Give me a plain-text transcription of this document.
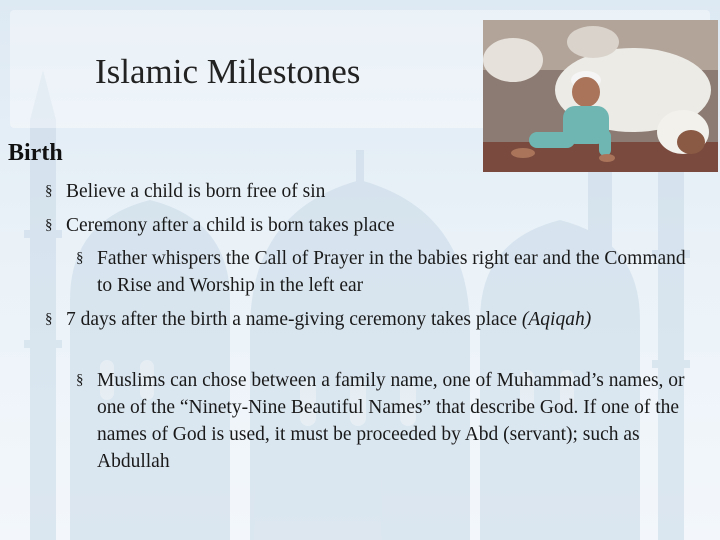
Islamic Milestones
Birth
§ Believe a child is born free of sin
§ Ceremony after a child is born takes place
§ Father whispers the Call of Prayer in the babies right ear and the Command to Rise and Worship in the left ear
§ 7 days after the birth a name-giving ceremony takes place (Aqiqah)
§ Muslims can chose between a family name, one of Muhammad’s names, or one of the “Ninety-Nine Beautiful Names” that describe God. If one of the names of God is used, it must be proceeded by Abd (servant); such as Abdullah
